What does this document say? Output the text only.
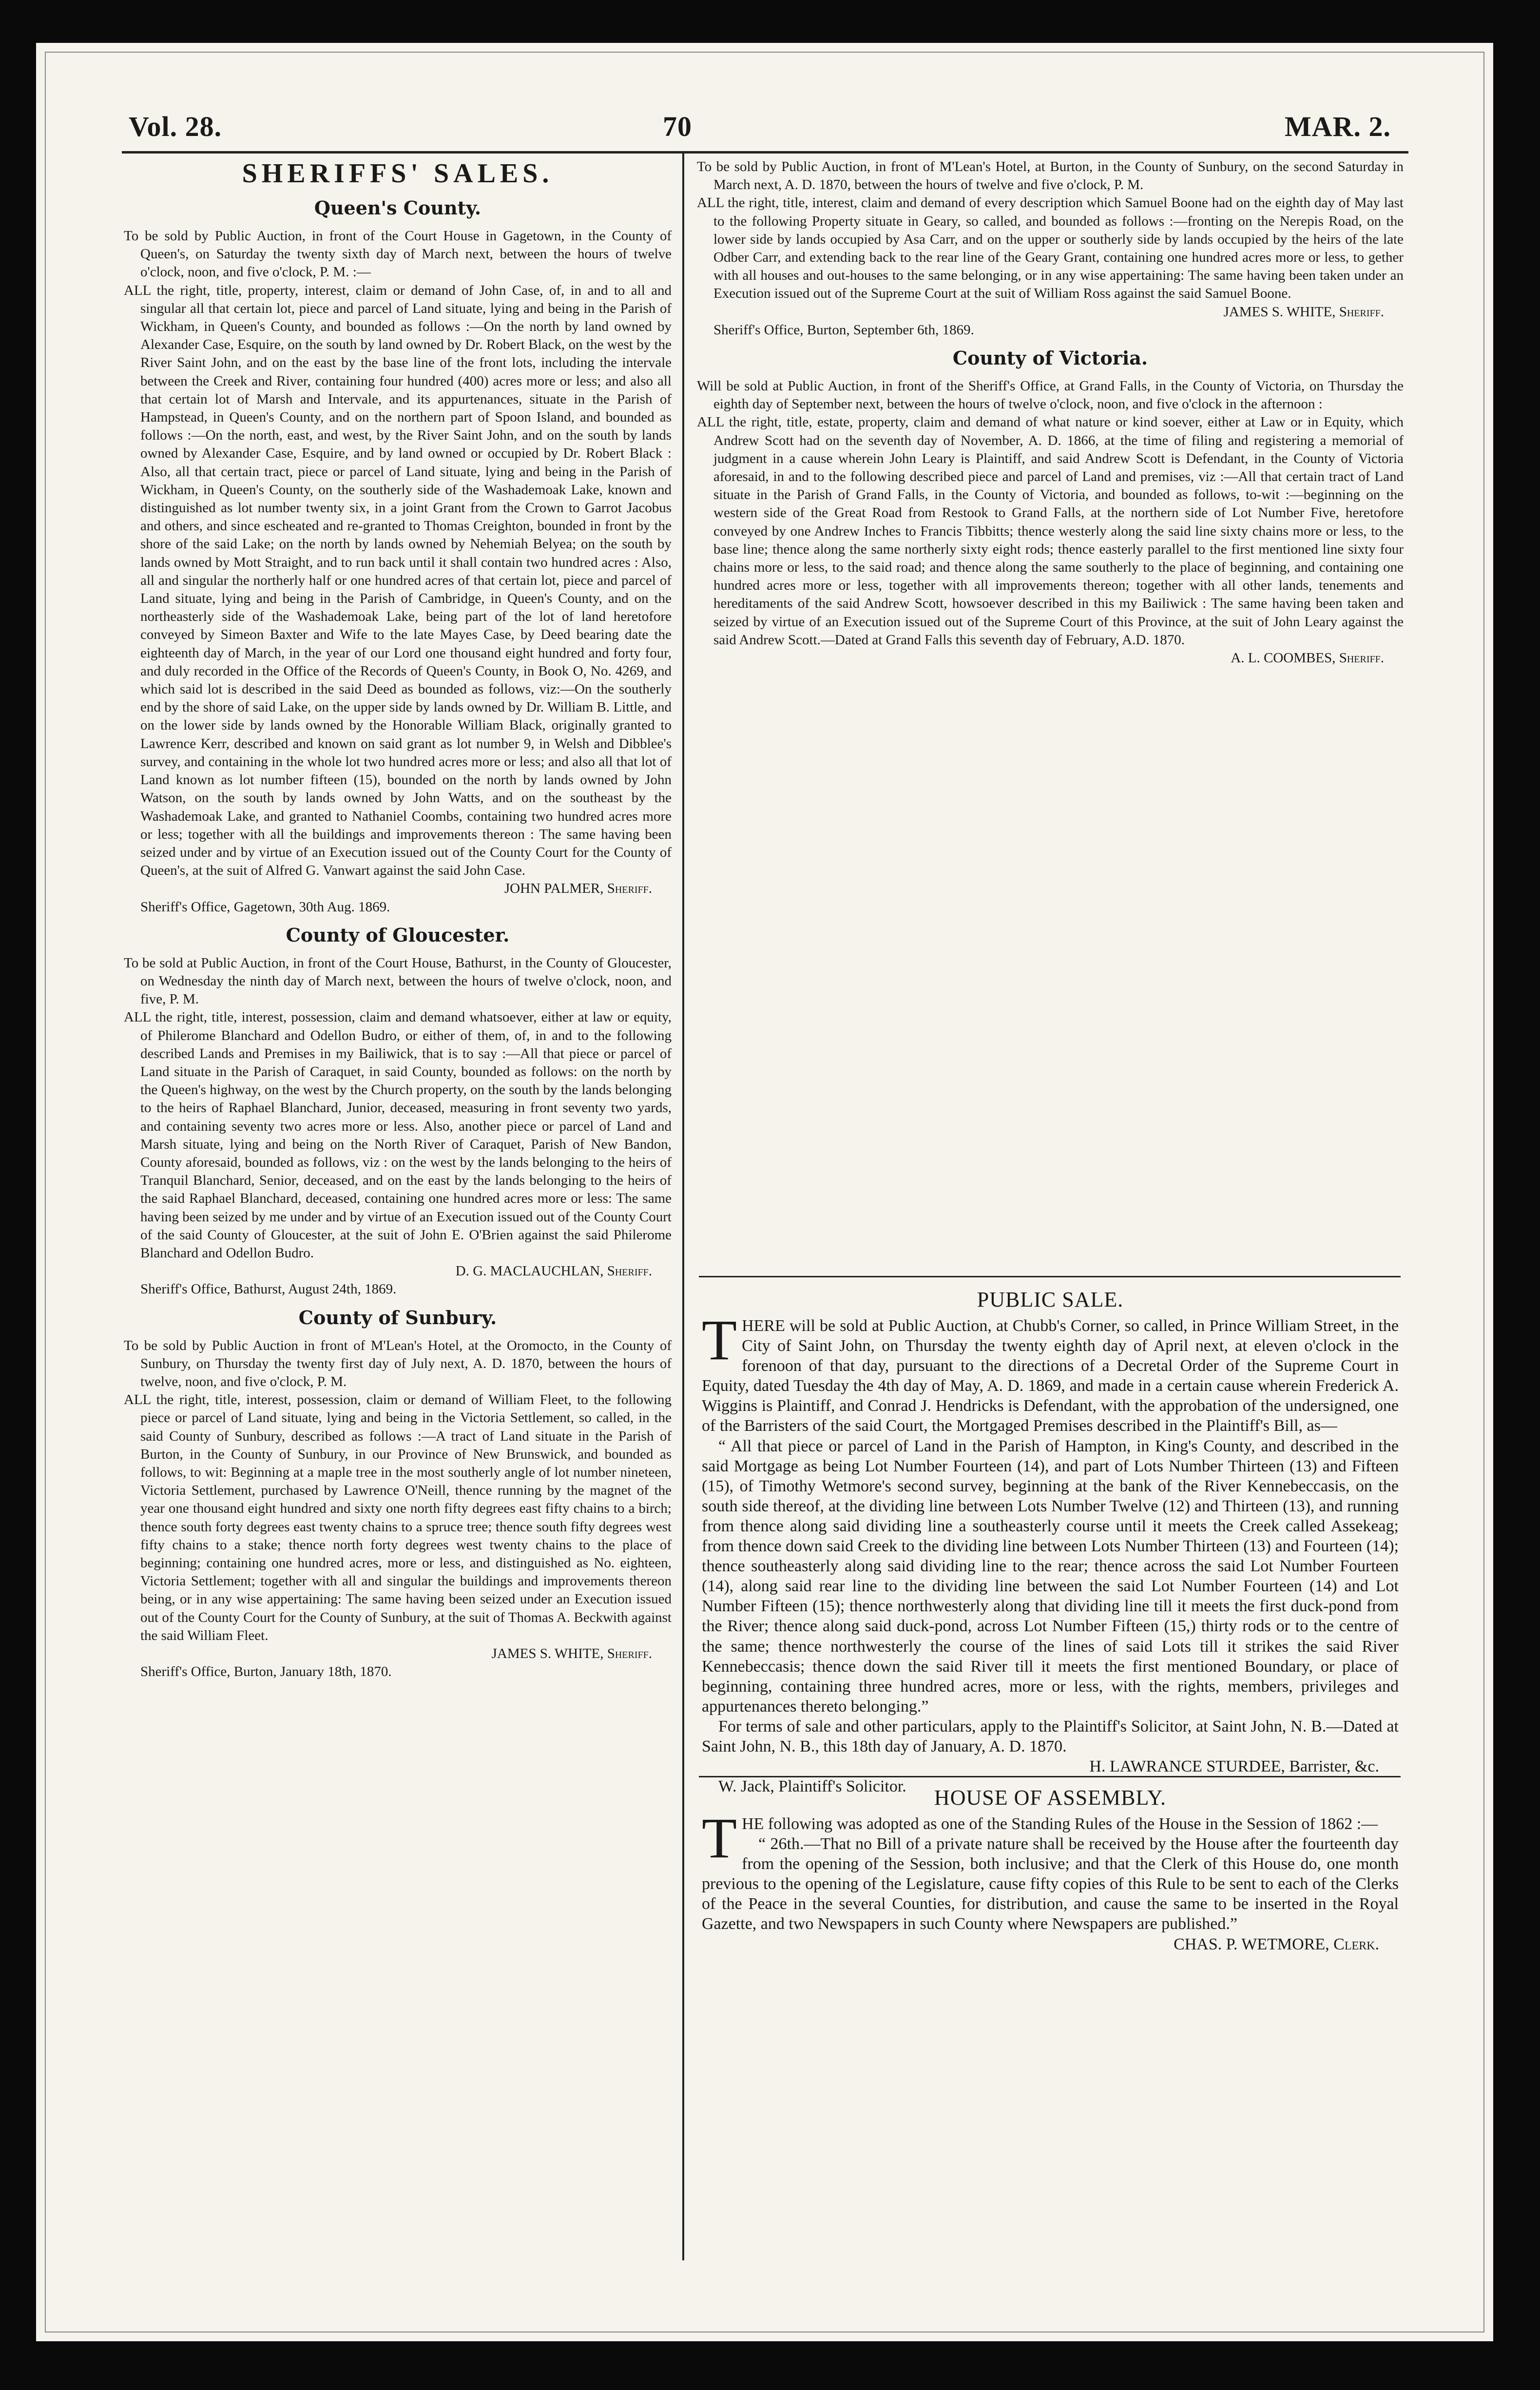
Vol. 28.	70	MAR. 2.
SHERIFFS' SALES.
Queen's County.

To be sold by Public Auction, in front of the Court House in Gagetown, in the County of Queen's, on Saturday the twenty sixth day of March next, between the hours of twelve o'clock, noon, and five o'clock, P. M. :—

ALL the right, title, property, interest, claim or demand of John Case, of, in and to all and singular all that certain lot, piece and parcel of Land situate, lying and being in the Parish of Wickham, in Queen's County, and bounded as follows :—On the north by land owned by Alexander Case, Esquire, on the south by land owned by Dr. Robert Black, on the west by the River Saint John, and on the east by the base line of the front lots, including the intervale between the Creek and River, containing four hundred (400) acres more or less; and also all that certain lot of Marsh and Intervale, and its appurtenances, situate in the Parish of Hampstead, in Queen's County, and on the northern part of Spoon Island, and bounded as follows :—On the north, east, and west, by the River Saint John, and on the south by lands owned by Alexander Case, Esquire, and by land owned or occupied by Dr. Robert Black : Also, all that certain tract, piece or parcel of Land situate, lying and being in the Parish of Wickham, in Queen's County, on the southerly side of the Washademoak Lake, known and distinguished as lot number twenty six, in a joint Grant from the Crown to Garrot Jacobus and others, and since escheated and re-granted to Thomas Creighton, bounded in front by the shore of the said Lake; on the north by lands owned by Nehemiah Belyea; on the south by lands owned by Mott Straight, and to run back until it shall contain two hundred acres : Also, all and singular the northerly half or one hundred acres of that certain lot, piece and parcel of Land situate, lying and being in the Parish of Cambridge, in Queen's County, and on the northeasterly side of the Washademoak Lake, being part of the lot of land heretofore conveyed by Simeon Baxter and Wife to the late Mayes Case, by Deed bearing date the eighteenth day of March, in the year of our Lord one thousand eight hundred and forty four, and duly recorded in the Office of the Records of Queen's County, in Book O, No. 4269, and which said lot is described in the said Deed as bounded as follows, viz:—On the southerly end by the shore of said Lake, on the upper side by lands owned by Dr. William B. Little, and on the lower side by lands owned by the Honorable William Black, originally granted to Lawrence Kerr, described and known on said grant as lot number 9, in Welsh and Dibblee's survey, and containing in the whole lot two hundred acres more or less; and also all that lot of Land known as lot number fifteen (15), bounded on the north by lands owned by John Watson, on the south by lands owned by John Watts, and on the southeast by the Washademoak Lake, and granted to Nathaniel Coombs, containing two hundred acres more or less; together with all the buildings and improvements thereon : The same having been seized under and by virtue of an Execution issued out of the County Court for the County of Queen's, at the suit of Alfred G. Vanwart against the said John Case.

JOHN PALMER, Sheriff.

Sheriff's Office, Gagetown, 30th Aug. 1869.

County of Gloucester.

To be sold at Public Auction, in front of the Court House, Bathurst, in the County of Gloucester, on Wednesday the ninth day of March next, between the hours of twelve o'clock, noon, and five, P. M.

ALL the right, title, interest, possession, claim and demand whatsoever, either at law or equity, of Philerome Blanchard and Odellon Budro, or either of them, of, in and to the following described Lands and Premises in my Bailiwick, that is to say :—All that piece or parcel of Land situate in the Parish of Caraquet, in said County, bounded as follows: on the north by the Queen's highway, on the west by the Church property, on the south by the lands belonging to the heirs of Raphael Blanchard, Junior, deceased, measuring in front seventy two yards, and containing seventy two acres more or less. Also, another piece or parcel of Land and Marsh situate, lying and being on the North River of Caraquet, Parish of New Bandon, County aforesaid, bounded as follows, viz : on the west by the lands belonging to the heirs of Tranquil Blanchard, Senior, deceased, and on the east by the lands belonging to the heirs of the said Raphael Blanchard, deceased, containing one hundred acres more or less: The same having been seized by me under and by virtue of an Execution issued out of the County Court of the said County of Gloucester, at the suit of John E. O'Brien against the said Philerome Blanchard and Odellon Budro.

D. G. MACLAUCHLAN, Sheriff.

Sheriff's Office, Bathurst, August 24th, 1869.

County of Sunbury.

To be sold by Public Auction in front of M'Lean's Hotel, at the Oromocto, in the County of Sunbury, on Thursday the twenty first day of July next, A. D. 1870, between the hours of twelve, noon, and five o'clock, P. M.

ALL the right, title, interest, possession, claim or demand of William Fleet, to the following piece or parcel of Land situate, lying and being in the Victoria Settlement, so called, in the said County of Sunbury, described as follows :—A tract of Land situate in the Parish of Burton, in the County of Sunbury, in our Province of New Brunswick, and bounded as follows, to wit: Beginning at a maple tree in the most southerly angle of lot number nineteen, Victoria Settlement, purchased by Lawrence O'Neill, thence running by the magnet of the year one thousand eight hundred and sixty one north fifty degrees east fifty chains to a birch; thence south forty degrees east twenty chains to a spruce tree; thence south fifty degrees west fifty chains to a stake; thence north forty degrees west twenty chains to the place of beginning; containing one hundred acres, more or less, and distinguished as No. eighteen, Victoria Settlement; together with all and singular the buildings and improvements thereon being, or in any wise appertaining: The same having been seized under an Execution issued out of the County Court for the County of Sunbury, at the suit of Thomas A. Beckwith against the said William Fleet.

JAMES S. WHITE, Sheriff.

Sheriff's Office, Burton, January 18th, 1870.

To be sold by Public Auction, in front of M'Lean's Hotel, at Burton, in the County of Sunbury, on the second Saturday in March next, A. D. 1870, between the hours of twelve and five o'clock, P. M.

ALL the right, title, interest, claim and demand of every description which Samuel Boone had on the eighth day of May last to the following Property situate in Geary, so called, and bounded as follows :—fronting on the Nerepis Road, on the lower side by lands occupied by Asa Carr, and on the upper or southerly side by lands occupied by the heirs of the late Odber Carr, and extending back to the rear line of the Geary Grant, containing one hundred acres more or less, to gether with all houses and out-houses to the same belonging, or in any wise appertaining: The same having been taken under an Execution issued out of the Supreme Court at the suit of William Ross against the said Samuel Boone.

JAMES S. WHITE, Sheriff.

Sheriff's Office, Burton, September 6th, 1869.

County of Victoria.

Will be sold at Public Auction, in front of the Sheriff's Office, at Grand Falls, in the County of Victoria, on Thursday the eighth day of September next, between the hours of twelve o'clock, noon, and five o'clock in the afternoon :

ALL the right, title, estate, property, claim and demand of what nature or kind soever, either at Law or in Equity, which Andrew Scott had on the seventh day of November, A. D. 1866, at the time of filing and registering a memorial of judgment in a cause wherein John Leary is Plaintiff, and said Andrew Scott is Defendant, in the County of Victoria aforesaid, in and to the following described piece and parcel of Land and premises, viz :—All that certain tract of Land situate in the Parish of Grand Falls, in the County of Victoria, and bounded as follows, to-wit :—beginning on the western side of the Great Road from Restook to Grand Falls, at the northern side of Lot Number Five, heretofore conveyed by one Andrew Inches to Francis Tibbitts; thence westerly along the said line sixty chains more or less, to the base line; thence along the same northerly sixty eight rods; thence easterly parallel to the first mentioned line sixty four chains more or less, to the said road; and thence along the same southerly to the place of beginning, and containing one hundred acres more or less, together with all improvements thereon; together with all other lands, tenements and hereditaments of the said Andrew Scott, howsoever described in this my Bailiwick : The same having been taken and seized by virtue of an Execution issued out of the Supreme Court of this Province, at the suit of John Leary against the said Andrew Scott.—Dated at Grand Falls this seventh day of February, A.D. 1870.

A. L. COOMBES, Sheriff.

PUBLIC SALE.

THERE will be sold at Public Auction, at Chubb's Corner, so called, in Prince William Street, in the City of Saint John, on Thursday the twenty eighth day of April next, at eleven o'clock in the forenoon of that day, pursuant to the directions of a Decretal Order of the Supreme Court in Equity, dated Tuesday the 4th day of May, A. D. 1869, and made in a certain cause wherein Frederick A. Wiggins is Plaintiff, and Conrad J. Hendricks is Defendant, with the approbation of the undersigned, one of the Barristers of the said Court, the Mortgaged Premises described in the Plaintiff's Bill, as—

“ All that piece or parcel of Land in the Parish of Hampton, in King's County, and described in the said Mortgage as being Lot Number Fourteen (14), and part of Lots Number Thirteen (13) and Fifteen (15), of Timothy Wetmore's second survey, beginning at the bank of the River Kennebeccasis, on the south side thereof, at the dividing line between Lots Number Twelve (12) and Thirteen (13), and running from thence along said dividing line a southeasterly course until it meets the Creek called Assekeag; from thence down said Creek to the dividing line between Lots Number Thirteen (13) and Fourteen (14); thence southeasterly along said dividing line to the rear; thence across the said Lot Number Fourteen (14), along said rear line to the dividing line between the said Lot Number Fourteen (14) and Lot Number Fifteen (15); thence northwesterly along that dividing line till it meets the first duck-pond from the River; thence along said duck-pond, across Lot Number Fifteen (15,) thirty rods or to the centre of the same; thence northwesterly the course of the lines of said Lots till it strikes the said River Kennebeccasis; thence down the said River till it meets the first mentioned Boundary, or place of beginning, containing three hundred acres, more or less, with the rights, members, privileges and appurtenances thereto belonging.”

For terms of sale and other particulars, apply to the Plaintiff's Solicitor, at Saint John, N. B.—Dated at Saint John, N. B., this 18th day of January, A. D. 1870.

H. LAWRANCE STURDEE, Barrister, &c.

W. Jack, Plaintiff's Solicitor.	HOUSE OF ASSEMBLY.

THE following was adopted as one of the Standing Rules of the House in the Session of 1862 :—

“ 26th.—That no Bill of a private nature shall be received by the House after the fourteenth day from the opening of the Session, both inclusive; and that the Clerk of this House do, one month previous to the opening of the Legislature, cause fifty copies of this Rule to be sent to each of the Clerks of the Peace in the several Counties, for distribution, and cause the same to be inserted in the Royal Gazette, and two Newspapers in such County where Newspapers are published.”

CHAS. P. WETMORE, Clerk.
